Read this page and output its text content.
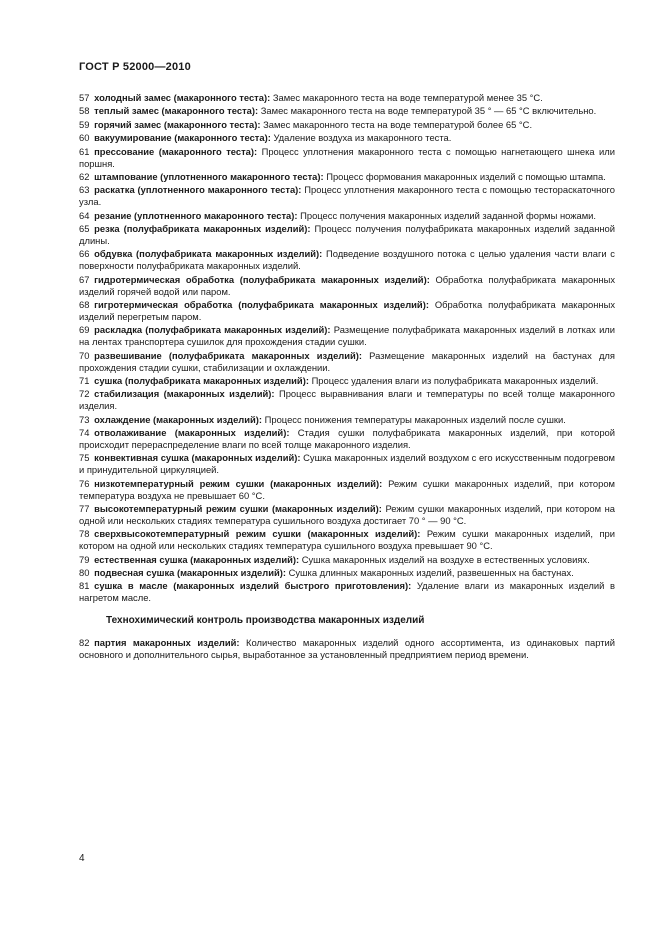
ГОСТ Р 52000—2010
57  холодный замес (макаронного теста): Замес макаронного теста на воде температурой менее 35 °С.
58  теплый замес (макаронного теста): Замес макаронного теста на воде температурой 35 ° — 65 °С включительно.
59  горячий замес (макаронного теста): Замес макаронного теста на воде температурой более 65 °С.
60  вакуумирование (макаронного теста): Удаление воздуха из макаронного теста.
61  прессование (макаронного теста): Процесс уплотнения макаронного теста с помощью нагнетающего шнека или поршня.
62  штампование (уплотненного макаронного теста): Процесс формования макаронных изделий с помощью штампа.
63  раскатка (уплотненного макаронного теста): Процесс уплотнения макаронного теста с помощью тестораскаточного узла.
64  резание (уплотненного макаронного теста): Процесс получения макаронных изделий заданной формы ножами.
65  резка (полуфабриката макаронных изделий): Процесс получения полуфабриката макаронных изделий заданной длины.
66  обдувка (полуфабриката макаронных изделий): Подведение воздушного потока с целью удаления части влаги с поверхности полуфабриката макаронных изделий.
67  гидротермическая обработка (полуфабриката макаронных изделий): Обработка полуфабриката макаронных изделий горячей водой или паром.
68  гигротермическая обработка (полуфабриката макаронных изделий): Обработка полуфабриката макаронных изделий перегретым паром.
69  раскладка (полуфабриката макаронных изделий): Размещение полуфабриката макаронных изделий в лотках или на лентах транспортера сушилок для прохождения стадии сушки.
70  развешивание (полуфабриката макаронных изделий): Размещение макаронных изделий на бастунах для прохождения стадии сушки, стабилизации и охлаждении.
71  сушка (полуфабриката макаронных изделий): Процесс удаления влаги из полуфабриката макаронных изделий.
72  стабилизация (макаронных изделий): Процесс выравнивания влаги и температуры по всей толще макаронного изделия.
73  охлаждение (макаронных изделий): Процесс понижения температуры макаронных изделий после сушки.
74  отволаживание (макаронных изделий): Стадия сушки полуфабриката макаронных изделий, при которой происходит перераспределение влаги по всей толще макаронного изделия.
75  конвективная сушка (макаронных изделий): Сушка макаронных изделий воздухом с его искусственным подогревом и принудительной циркуляцией.
76  низкотемпературный режим сушки (макаронных изделий): Режим сушки макаронных изделий, при котором температура воздуха не превышает 60 °С.
77  высокотемпературный режим сушки (макаронных изделий): Режим сушки макаронных изделий, при котором на одной или нескольких стадиях температура сушильного воздуха достигает 70 ° — 90 °С.
78  сверхвысокотемпературный режим сушки (макаронных изделий): Режим сушки макаронных изделий, при котором на одной или нескольких стадиях температура сушильного воздуха превышает 90 °С.
79  естественная сушка (макаронных изделий): Сушка макаронных изделий на воздухе в естественных условиях.
80  подвесная сушка (макаронных изделий): Сушка длинных макаронных изделий, развешенных на бастунах.
81  сушка в масле (макаронных изделий быстрого приготовления): Удаление влаги из макаронных изделий в нагретом масле.
Технохимический контроль производства макаронных изделий
82  партия макаронных изделий: Количество макаронных изделий одного ассортимента, из одинаковых партий основного и дополнительного сырья, выработанное за установленный предприятием период времени.
4
